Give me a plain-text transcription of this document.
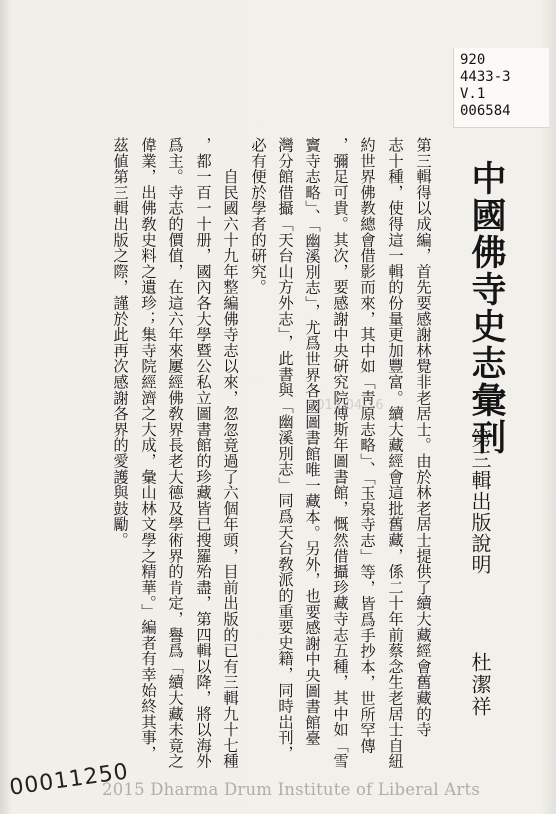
920
4433-3
V.1
006584
中國佛寺史志彙刊
第三輯出版說明
杜潔祥
第三輯得以成編，首先要感謝林覺非老居士。由於林老居士提供了續大藏經會舊藏的寺
志十種，使得這一輯的份量更加豐富。續大藏經會這批舊藏，係二十年前蔡念生老居士自紐
約世界佛教總會借影而來，其中如「靑原志略」、「玉泉寺志」等，皆爲手抄本，世所罕傳
，彌足可貴。其次，要感謝中央硏究院傅斯年圖書館，慨然借攝珍藏寺志五種，其中如「雪
竇寺志略」、「幽溪別志」，尤爲世界各國圖書館唯一藏本。另外，也要感謝中央圖書館臺
灣分館借攝「天台山方外志」，此書與「幽溪別志」同爲天台敎派的重要史籍，同時岀刊，
必有便於學者的硏究。
　　自民國六十九年整編佛寺志以來，忽忽竟過了六個年頭，目前出版的已有三輯九十七種
，都一百一十册，國內各大學暨公私立圖書館的珍藏皆已搜羅殆盡，第四輯以降，將以海外
爲主。寺志的價值，在這六年來屢經佛敎界長老大德及學術界的肯定，譽爲「續大藏未竟之
偉業，出佛敎史料之遺珍；集寺院經濟之大成，彙山林文學之精華。」編者有幸始終其事，
茲値第三輯出版之際，謹於此再次感謝各界的愛護與鼓勵。	2015-04-16
00011250
2015 Dharma Drum Institute of Liberal Arts
